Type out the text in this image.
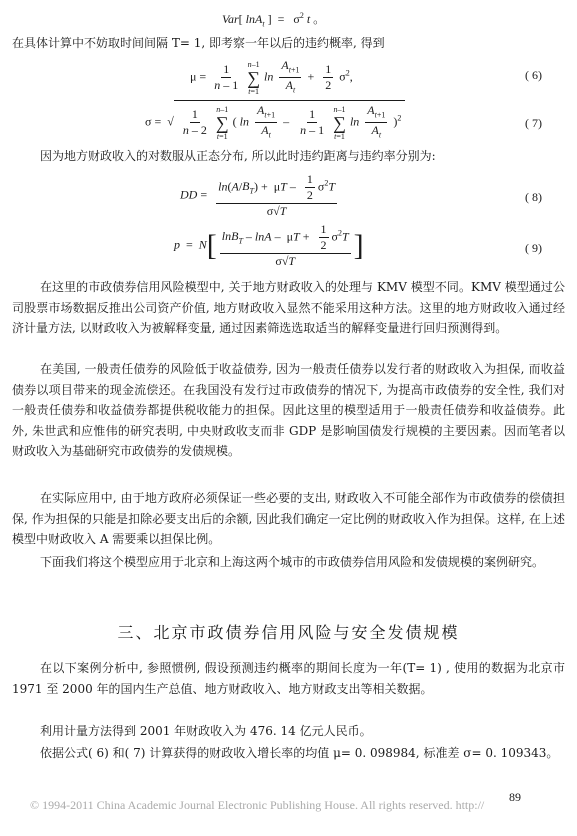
Var[ lnA$_t$ ]  =   $\sigma^2$ t 。
在具体计算中不妨取时间间隔 T= 1, 即考察一年以后的违约概率, 得到
$\mu = \frac{1}{n - 1}$
n–1
∑
t=1
$\ln \frac{A_{t+1}}{A_t} + \frac{1}{2} \sigma^2$,	( 6)
σ =  √ $\frac{1}{n - 2}$
n–1
∑
t=1
( $\ln \frac{A_{t+1}}{A_t} - \frac{1}{n - 1}$
n–1
∑
t=1
$\ln \frac{A_{t+1}}{A_t} )^2$	( 7)
因为地方财政收入的对数服从正态分布, 所以此时违约距离与违约率分别为:
DD = $\frac{\ln(A/B_T) + \mu T - \frac{1}{2} \sigma^2T}{\sigma√T}$	( 8)
$p = N[ \frac{\ln B_T - \ln A - \mu T + \frac{1}{2} \sigma^2T}{\sigma√T}$ ]	( 9)
在这里的市政债券信用风险模型中, 关于地方财政收入的处理与 KMV 模型不同。KMV 模型通过公司股票市场数据反推出公司资产价值, 地方财政收入显然不能采用这种方法。这里的地方财政收入通过经济计量方法, 以财政收入为被解释变量, 通过因素筛选选取适当的解释变量进行回归预测得到。
在美国, 一般责任债券的风险低于收益债券, 因为一般责任债券以发行者的财政收入为担保, 而收益债券以项目带来的现金流偿还。在我国没有发行过市政债券的情况下, 为提高市政债券的安全性, 我们对一般责任债券和收益债券都提供税收能力的担保。因此这里的模型适用于一般责任债券和收益债券。此外, 朱世武和应惟伟的研究表明, 中央财政收支而非 GDP 是影响国债发行规模的主要因素。因而笔者以财政收入为基础研究市政债券的发债规模。
在实际应用中, 由于地方政府必须保证一些必要的支出, 财政收入不可能全部作为市政债券的偿债担保, 作为担保的只能是扣除必要支出后的余额, 因此我们确定一定比例的财政收入作为担保。这样, 在上述模型中财政收入 A 需要乘以担保比例。
下面我们将这个模型应用于北京和上海这两个城市的市政债券信用风险和发债规模的案例研究。
三、北京市政债券信用风险与安全发债规模
在以下案例分析中, 参照惯例, 假设预测违约概率的期间长度为一年(T= 1) , 使用的数据为北京市 1971 至 2000 年的国内生产总值、地方财政收入、地方财政支出等相关数据。
利用计量方法得到 2001 年财政收入为 476. 14 亿元人民币。
依据公式( 6) 和( 7) 计算获得的财政收入增长率的均值 μ= 0. 098984, 标准差 σ= 0. 109343。
89
© 1994-2011 China Academic Journal Electronic Publishing House. All rights reserved. http://
